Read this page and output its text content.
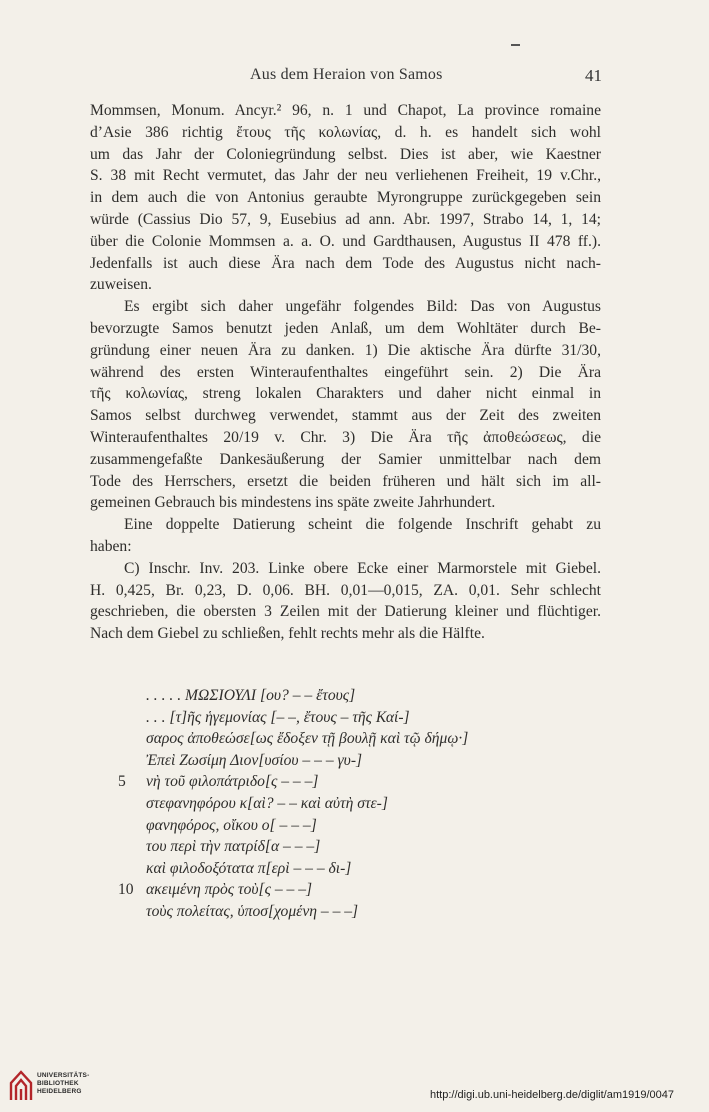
Aus dem Heraion von Samos	41
Mommsen, Monum. Ancyr.² 96, n. 1 und Chapot, La province romaine
d’Asie 386 richtig ἔτους τῆς κολωνίας, d. h. es handelt sich wohl
um das Jahr der Coloniegründung selbst. Dies ist aber, wie Kaestner
S. 38 mit Recht vermutet, das Jahr der neu verliehenen Freiheit, 19 v.Chr.,
in dem auch die von Antonius geraubte Myrongruppe zurückgegeben sein
würde (Cassius Dio 57, 9, Eusebius ad ann. Abr. 1997, Strabo 14, 1, 14;
über die Colonie Mommsen a. a. O. und Gardthausen, Augustus II 478 ff.).
Jedenfalls ist auch diese Ära nach dem Tode des Augustus nicht nach-
zuweisen.
Es ergibt sich daher ungefähr folgendes Bild: Das von Augustus
bevorzugte Samos benutzt jeden Anlaß, um dem Wohltäter durch Be-
gründung einer neuen Ära zu danken. 1) Die aktische Ära dürfte 31/30,
während des ersten Winteraufenthaltes eingeführt sein. 2) Die Ära
τῆς κολωνίας, streng lokalen Charakters und daher nicht einmal in
Samos selbst durchweg verwendet, stammt aus der Zeit des zweiten
Winteraufenthaltes 20/19 v. Chr. 3) Die Ära τῆς ἀποθεώσεως, die
zusammengefaßte Dankesäußerung der Samier unmittelbar nach dem
Tode des Herrschers, ersetzt die beiden früheren und hält sich im all-
gemeinen Gebrauch bis mindestens ins späte zweite Jahrhundert.
Eine doppelte Datierung scheint die folgende Inschrift gehabt zu
haben:
C) Inschr. Inv. 203. Linke obere Ecke einer Marmorstele mit Giebel.
H. 0,425, Br. 0,23, D. 0,06. BH. 0,01—0,015, ZA. 0,01. Sehr schlecht
geschrieben, die obersten 3 Zeilen mit der Datierung kleiner und flüchtiger.
Nach dem Giebel zu schließen, fehlt rechts mehr als die Hälfte.
. . . . . ΜΩΣΙΟΥΛΙ [ου? – – ἔτους]
. . . [τ]ῆς ἡγεμονίας [– –, ἔτους – τῆς Καί-]
σαρος ἀποθεώσε[ως ἔδοξεν τῇ βουλῇ καὶ τῷ δήμῳ·]
Ἐπεὶ Ζωσίμη Διον[υσίου – – – γυ-]
5 νὴ τοῦ φιλοπάτριδο[ς – – –]
στεφανηφόρου κ[αὶ? – – καὶ αὐτὴ στε-]
φανηφόρος, οἴκου ο[ – – –]
του περὶ τὴν πατρίδ[α – – –]
καὶ φιλοδοξότατα π[ερὶ – – – δι-]
10 ακειμένη πρὸς τοὺ[ς – – –]
τοὺς πολείτας, ὑποσ[χομένη – – –]
UNIVERSITÄTS-
BIBLIOTHEK
HEIDELBERG	http://digi.ub.uni-heidelberg.de/diglit/am1919/0047
